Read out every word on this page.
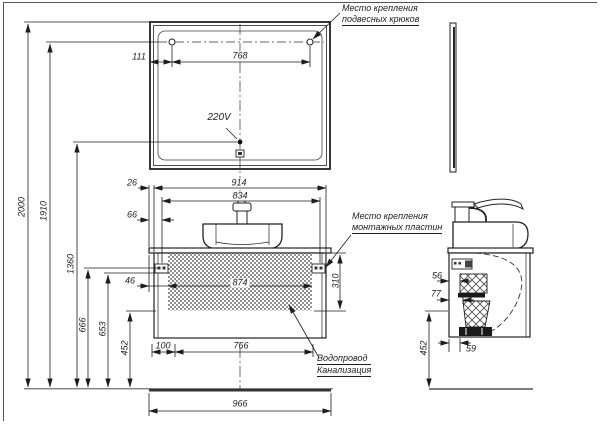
111	768
220V
2000 1910
1360
666 653
452
26	914
834
66
46	874	310
100	766
966
56
77
59
452
Место крепления
подвесных крюков
Место крепления
монтажных пластин
Водопровод
Канализация
